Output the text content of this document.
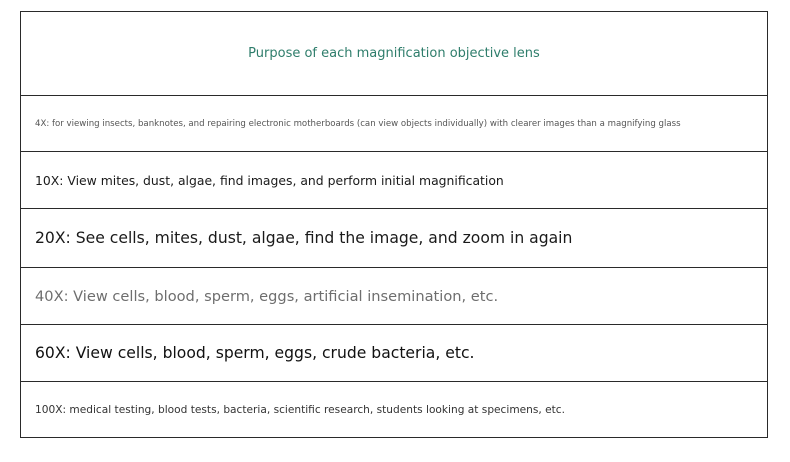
Purpose of each magnification objective lens
4X: for viewing insects, banknotes, and repairing electronic motherboards (can view objects individually) with clearer images than a magnifying glass
10X: View mites, dust, algae, find images, and perform initial magnification
20X: See cells, mites, dust, algae, find the image, and zoom in again
40X: View cells, blood, sperm, eggs, artificial insemination, etc.
60X: View cells, blood, sperm, eggs, crude bacteria, etc.
100X: medical testing, blood tests, bacteria, scientific research, students looking at specimens, etc.
